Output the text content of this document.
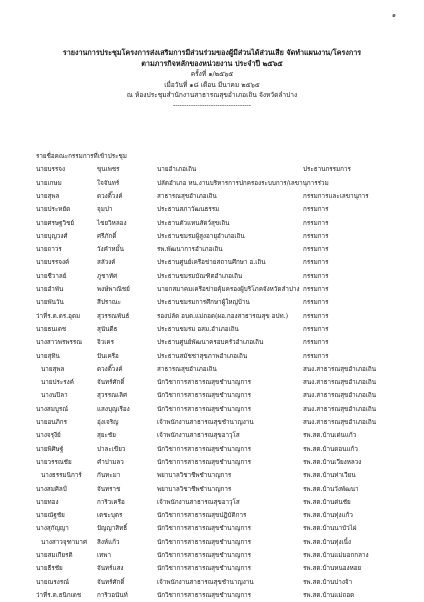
๑
รายงานการประชุมโครงการส่งเสริมการมีส่วนร่วมของผู้มีส่วนได้ส่วนเสีย จัดทำแผนงาน/โครงการ
ตามภารกิจหลักของหน่วยงาน ประจำปี ๒๕๖๕
ครั้งที่ ๑/๒๕๖๕
เมื่อวันที่ ๑๘ เดือน มีนาคม ๒๕๖๕
ณ ห้องประชุมสำนักงานสาธารณสุขอำเภอเถิน จังหวัดลำปาง
-----------------------------------
รายชื่อคณะกรรมการที่เข้าประชุม
นายบรรจง	ขุนเพชร	นายอำเภอเถิน	ประธานกรรมการ
นายเกษม	ใจจันทร์	ปลัดอำเภอ หน.งานบริหารการปกครองระบบการ/เลขานุการร่วม
นายสุพล	ดวงติ๊วงค์	สาธารณสุขอำเภอเถิน	กรรมการและเลขานุการ
นายประหยัด	จุมปา	ประธานสภาวัฒนธรรม	กรรมการ
นายศรษฐวิชย์	ไชยวิหลอง	ประธานตัวแทนสัตว์สุขเถิน	กรรมการ
นายบุญวงศ์	ศรีภักดิ์	ประธานชมรมผู้สูงอายุอำเภอเถิน	กรรมการ
นายถาวร	วังคำหมั้น	รพ.พัฒนาการอำเภอเถิน	กรรมการ
นายบรรจงค์	สลัวงค์	ประธานศูนย์เครือข่ายสถานศึกษา อ.เถิน	กรรมการ
นายชีวาลย์	ภูชาทัศ	ประธานชมรมบัณฑิตอำเภอเถิน	กรรมการ
นายอำพัน	พงษ์พาณิชย์	นายกสมาคมเครือข่ายคุ้มครองผู้บริโภคจังหวัดลำปาง กรรมการ
นายพันวัน	สีปราณะ	ประธานชมรมการศึกษาผู้ใหญ่บ้าน	กรรมการ
ว่าที่ร.ต.ดร.อุดม	สุวรรณพันธ์	รองปลัด อบต.แม่ถอด(ผอ.กองสาธารณสุข อปท.) กรรมการ
นายธนเดช	สุนันดีธ	ประธานชมรม อสม.อำเภอเถิน	กรรมการ
นางสาวพรพรรณ จิวเคร	ประธานศูนย์พัฒนาครอบครัวอำเภอเถิน	กรรมการ
นายสุทิน	ปันเครือ	ประธานสมัชชาสุขภาพอำเภอเถิน	กรรมการ
นายสุพล	ดวงติ๊วงค์	สาธารณสุขอำเภอเถิน	สนง.สาธารณสุขอำเภอเถิน
นายประรงค์	จันทร์ศักดิ์	นักวิชาการสาธารณสุขชำนาญการ	สนง.สาธารณสุขอำเภอเถิน
นางนปิลา	สุวรรณเลิศ	นักวิชาการสาธารณสุขชำนาญการ	สนง.สาธารณสุขอำเภอเถิน
นางสมบูรณ์	แสงบุญเรือง	นักวิชาการสาธารณสุขชำนาญการ	สนง.สาธารณสุขอำเภอเถิน
นายอนภิกร	อุ่งเจริญ	เจ้าพนักงานสาธารณสุขชำนาญงาน	สนง.สาธารณสุขอำเภอเถิน
นางจรุงีย์	สุยะชัย	เจ้าพนักงานสาธารณสุขอาวุโส	รพ.สต.บ้านเด่นแก้ว
นายพิศิษฐ์	ปาละเขียว	นักวิชาการสาธารณสุขชำนาญการ	รพ.สต.บ้านดอนแก้ว
นายวรรณชัย	คำปามลว	นักวิชาการสาธารณสุขชำนาญการ	รพ.สต.บ้านเวียงหลวง
นางธรรมนิการ์ กันทะมา	พยาบาลวิชาชีพชำนาญการ	รพ.สต.บ้านท่าเวียน
นางสมศิลป์	จันทราช	พยาบาลวิชาชีพชำนาญการ	รพ.สต.บ้านวังพัฒนา
นายทอง	การิวเครือ	เจ้าพนักงานสาธารณสุขอาวุโส	รพ.สต.บ้านต่นชัย
นายณัฐชัย	เตชะบุตร	นักวิชาการสาธารณสุขปฏิบัติการ	รพ.สต.บ้านทุ่งแก้ว
นางสุกัญญา	ปัญญาสิทธิ์	นักวิชาการสาธารณสุขชำนาญการ	รพ.สต.บ้านนาบัวไผ่
นางสาวจุฑามาศ สิงห์แก้ว	นักวิชาการสาธารณสุขชำนาญการ	รพ.สต.บ้านทุ่งเนิ้ง
นายสมเกียรติ	เทพา	นักวิชาการสาธารณสุขชำนาญการ	รพ.สต.บ้านแม่มอกกลาง
นายธีรชัย	จันทร์แสง	นักวิชาการสาธารณสุขชำนาญการ	รพ.สต.บ้านหนองหอย
นายณรงรณ์	จันทร์ศักดิ์	เจ้าพนักงานสาธารณสุขชำนาญงาน	รพ.สต.บ้านปางจ้า
ว่าที่ร.ต.ธนิกเดช	การิวอนันท์	นักวิชาการสาธารณสุขชำนาญการ	รพ.สต.บ้านแม่ถอด
